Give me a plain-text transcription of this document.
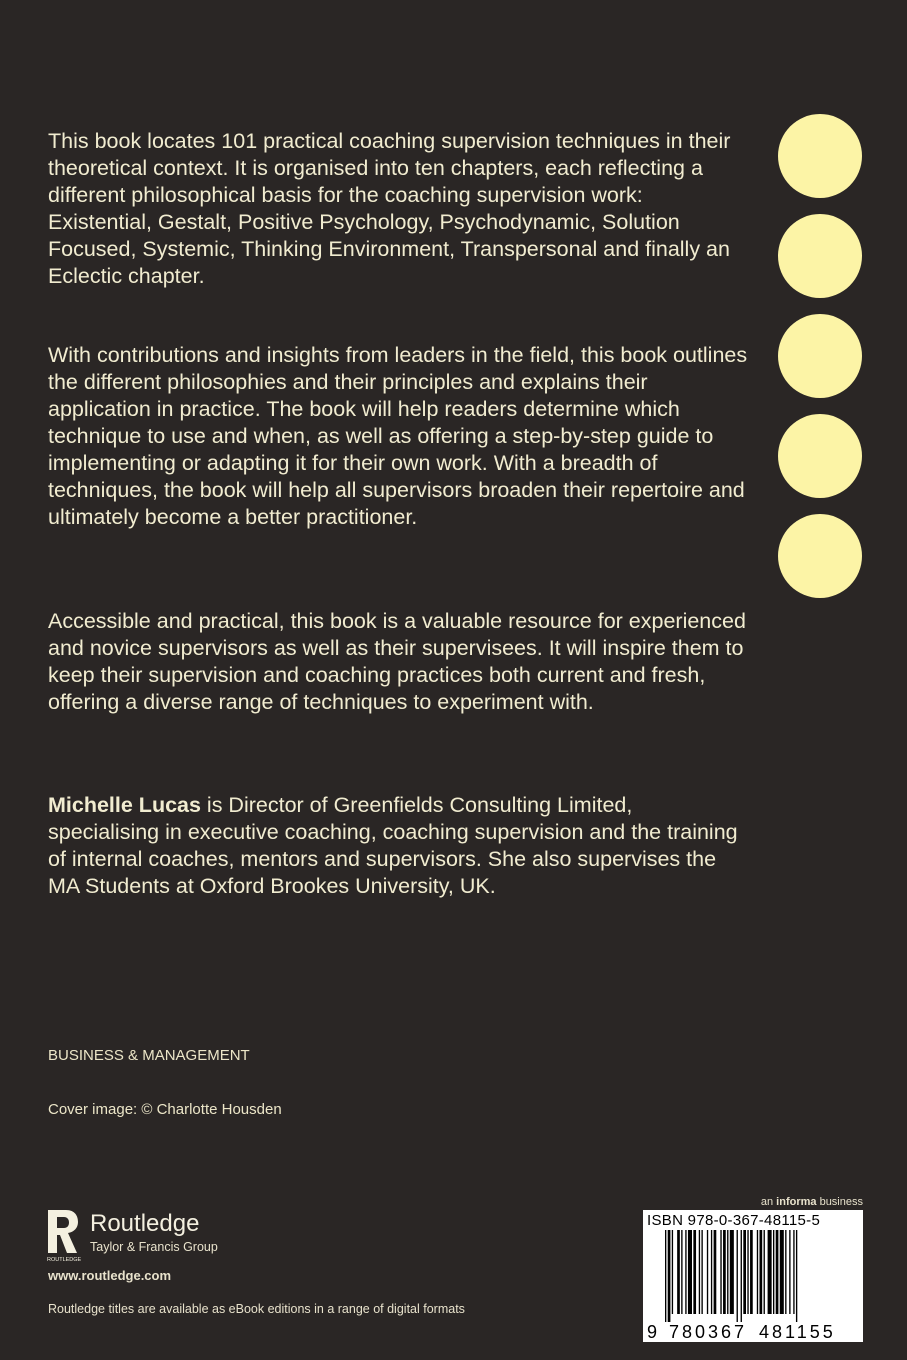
This book locates 101 practical coaching supervision techniques in their theoretical context. It is organised into ten chapters, each reflecting a different philosophical basis for the coaching supervision work: Existential, Gestalt, Positive Psychology, Psychodynamic, Solution Focused, Systemic, Thinking Environment, Transpersonal and finally an Eclectic chapter.

With contributions and insights from leaders in the field, this book outlines the different philosophies and their principles and explains their application in practice. The book will help readers determine which technique to use and when, as well as offering a step-by-step guide to implementing or adapting it for their own work. With a breadth of techniques, the book will help all supervisors broaden their repertoire and ultimately become a better practitioner.

Accessible and practical, this book is a valuable resource for experienced and novice supervisors as well as their supervisees. It will inspire them to keep their supervision and coaching practices both current and fresh, offering a diverse range of techniques to experiment with.

Michelle Lucas is Director of Greenfields Consulting Limited, specialising in executive coaching, coaching supervision and the training of internal coaches, mentors and supervisors. She also supervises the MA Students at Oxford Brookes University, UK.

BUSINESS & MANAGEMENT
Cover image: © Charlotte Housden
ROUTLEDGE
Routledge
Taylor & Francis Group
www.routledge.com
Routledge titles are available as eBook editions in a range of digital formats
an informa business
ISBN 978-0-367-48115-5
9 780367 481155
